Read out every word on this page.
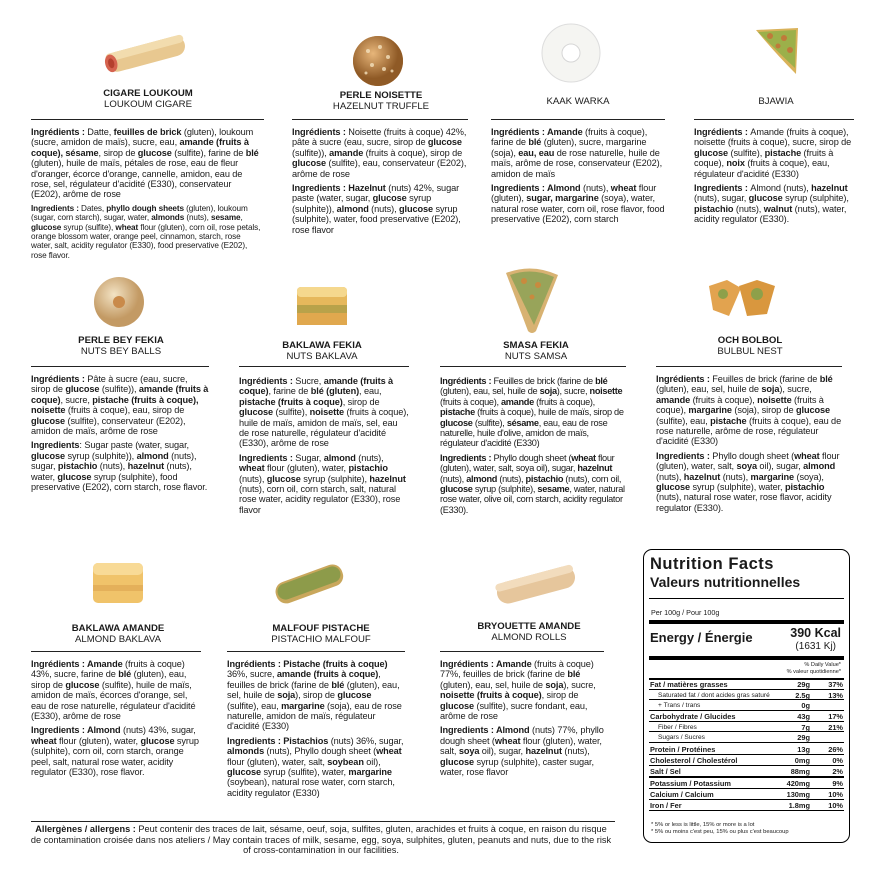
CIGARE LOUKOUM
LOUKOUM CIGARE
PERLE NOISETTE
HAZELNUT TRUFFLE	KAAK WARKA	BJAWIA
PERLE BEY FEKIA
NUTS BEY BALLS
BAKLAWA FEKIA
NUTS BAKLAVA
SMASA FEKIA
NUTS SAMSA
OCH BOLBOL
BULBUL NEST
BAKLAWA AMANDE
ALMOND BAKLAVA
MALFOUF PISTACHE
PISTACHIO MALFOUF
BRYOUETTE AMANDE
ALMOND ROLLS

Ingrédients : Datte, feuilles de brick (gluten), loukoum (sucre, amidon de maïs), sucre, eau, amande (fruits à coque), sésame, sirop de glucose (sulfite), farine de blé (gluten), huile de maïs, pétales de rose, eau de fleur d'oranger, écorce d'orange, cannelle, amidon, eau de rose, sel, régulateur d'acidité (E330), conservateur (E202), arôme de rose

Ingredients : Dates, phyllo dough sheets (gluten), loukoum (sugar, corn starch), sugar, water, almonds (nuts), sesame, glucose syrup (sulfite), wheat flour (gluten), corn oil, rose petals, orange blossom water, orange peel, cinnamon, starch, rose water, salt, acidity regulator (E330), food preservative (E202), rose flavor.

Ingrédients : Noisette (fruits à coque) 42%, pâte à sucre (eau, sucre, sirop de glucose (sulfite)), amande (fruits à coque), sirop de glucose (sulfite), eau, conservateur (E202), arôme de rose

Ingredients : Hazelnut (nuts) 42%, sugar paste (water, sugar, glucose syrup (sulphite)), almond (nuts), glucose syrup (sulphite), water, food preservative (E202), rose flavor

Ingrédients : Amande (fruits à coque), farine de blé (gluten), sucre, margarine (soja), eau, eau de rose naturelle, huile de maïs, arôme de rose, conservateur (E202), amidon de maïs

Ingredients : Almond (nuts), wheat flour (gluten), sugar, margarine (soya), water, natural rose water, corn oil, rose flavor, food preservative (E202), corn starch

Ingrédients : Amande (fruits à coque), noisette (fruits à coque), sucre, sirop de glucose (sulfite), pistache (fruits à coque), noix (fruits à coque), eau, régulateur d'acidité (E330)

Ingredients : Almond (nuts), hazelnut (nuts), sugar, glucose syrup (sulphite), pistachio (nuts), walnut (nuts), water, acidity regulator (E330).

Ingrédients : Pâte à sucre (eau, sucre, sirop de glucose (sulfite)), amande (fruits à coque), sucre, pistache (fruits à coque), noisette (fruits à coque), eau, sirop de glucose (sulfite), conservateur (E202), amidon de maïs, arôme de rose

Ingredients: Sugar paste (water, sugar, glucose syrup (sulphite)), almond (nuts), sugar, pistachio (nuts), hazelnut (nuts), water, glucose syrup (sulphite), food preservative (E202), corn starch, rose flavor.

Ingrédients : Sucre, amande (fruits à coque), farine de blé (gluten), eau, pistache (fruits à coque), sirop de glucose (sulfite), noisette (fruits à coque), huile de maïs, amidon de maïs, sel, eau de rose naturelle, régulateur d'acidité (E330), arôme de rose

Ingredients : Sugar, almond (nuts), wheat flour (gluten), water, pistachio (nuts), glucose syrup (sulphite), hazelnut (nuts), corn oil, corn starch, salt, natural rose water, acidity regulator (E330), rose flavor

Ingrédients : Feuilles de brick (farine de blé (gluten), eau, sel, huile de soja), sucre, noisette (fruits à coque), amande (fruits à coque), pistache (fruits à coque), huile de maïs, sirop de glucose (sulfite), sésame, eau, eau de rose naturelle, huile d'olive, amidon de maïs, régulateur d'acidité (E330)

Ingredients : Phyllo dough sheet (wheat flour (gluten), water, salt, soya oil), sugar, hazelnut (nuts), almond (nuts), pistachio (nuts), corn oil, glucose syrup (sulphite), sesame, water, natural rose water, olive oil, corn starch, acidity regulator (E330).

Ingrédients : Feuilles de brick (farine de blé (gluten), eau, sel, huile de soja), sucre, amande (fruits à coque), noisette (fruits à coque), margarine (soja), sirop de glucose (sulfite), eau, pistache (fruits à coque), eau de rose naturelle, arôme de rose, régulateur d'acidité (E330)

Ingredients : Phyllo dough sheet (wheat flour (gluten), water, salt, soya oil), sugar, almond (nuts), hazelnut (nuts), margarine (soya), glucose syrup (sulphite), water, pistachio (nuts), natural rose water, rose flavor, acidity regulator (E330).

Ingrédients : Amande (fruits à coque) 43%, sucre, farine de blé (gluten), eau, sirop de glucose (sulfite), huile de maïs, amidon de maïs, écorces d'orange, sel, eau de rose naturelle, régulateur d'acidité (E330), arôme de rose

Ingredients : Almond (nuts) 43%, sugar, wheat flour (gluten), water, glucose syrup (sulphite), corn oil, corn starch, orange peel, salt, natural rose water, acidity regulator (E330), rose flavor.

Ingrédients : Pistache (fruits à coque) 36%, sucre, amande (fruits à coque), feuilles de brick (farine de blé (gluten), eau, sel, huile de soja), sirop de glucose (sulfite), eau, margarine (soja), eau de rose naturelle, amidon de maïs, régulateur d'acidité (E330)

Ingredients : Pistachios (nuts) 36%, sugar, almonds (nuts), Phyllo dough sheet (wheat flour (gluten), water, salt, soybean oil), glucose syrup (sulfite), water, margarine (soybean), natural rose water, corn starch, acidity regulator (E330)

Ingrédients : Amande (fruits à coque) 77%, feuilles de brick (farine de blé (gluten), eau, sel, huile de soja), sucre, noisette (fruits à coque), sirop de glucose (sulfite), sucre fondant, eau, arôme de rose

Ingredients : Almond (nuts) 77%, phyllo dough sheet (wheat flour (gluten), water, salt, soya oil), sugar, hazelnut (nuts), glucose syrup (sulphite), caster sugar, water, rose flavor

Allergènes / allergens : Peut contenir des traces de lait, sésame, oeuf, soja, sulfites, gluten, arachides et fruits à coque, en raison du risque de contamination croisée dans nos ateliers / May contain traces of milk, sesame, egg, soya, sulphites, gluten, peanuts and nuts, due to the risk of cross-contamination in our facilities.
Nutrition Facts
Valeurs nutritionnelles
Per 100g / Pour 100g
Energy / Énergie	390 Kcal
(1631 Kj)
% Daily Value*
% valeur quotidienne*
Fat / matières grasses	29g 37%
Saturated fat / dont acides gras saturé	2.5g 13%
+ Trans / trans	0g
Carbohydrate / Glucides	43g 17%
Fiber / Fibres	7g 21%
Sugars / Sucres	29g
Protein / Protéines	13g 26%
Cholesterol / Cholestérol	0mg	0%
Salt / Sel	88mg	2%
Potassium / Potassium	420mg	9%
Calcium / Calcium	130mg 10%
Iron / Fer	1.8mg 10%
* 5% or less is little, 15% or more is a lot
* 5% ou moins c'est peu, 15% ou plus c'est beaucoup
